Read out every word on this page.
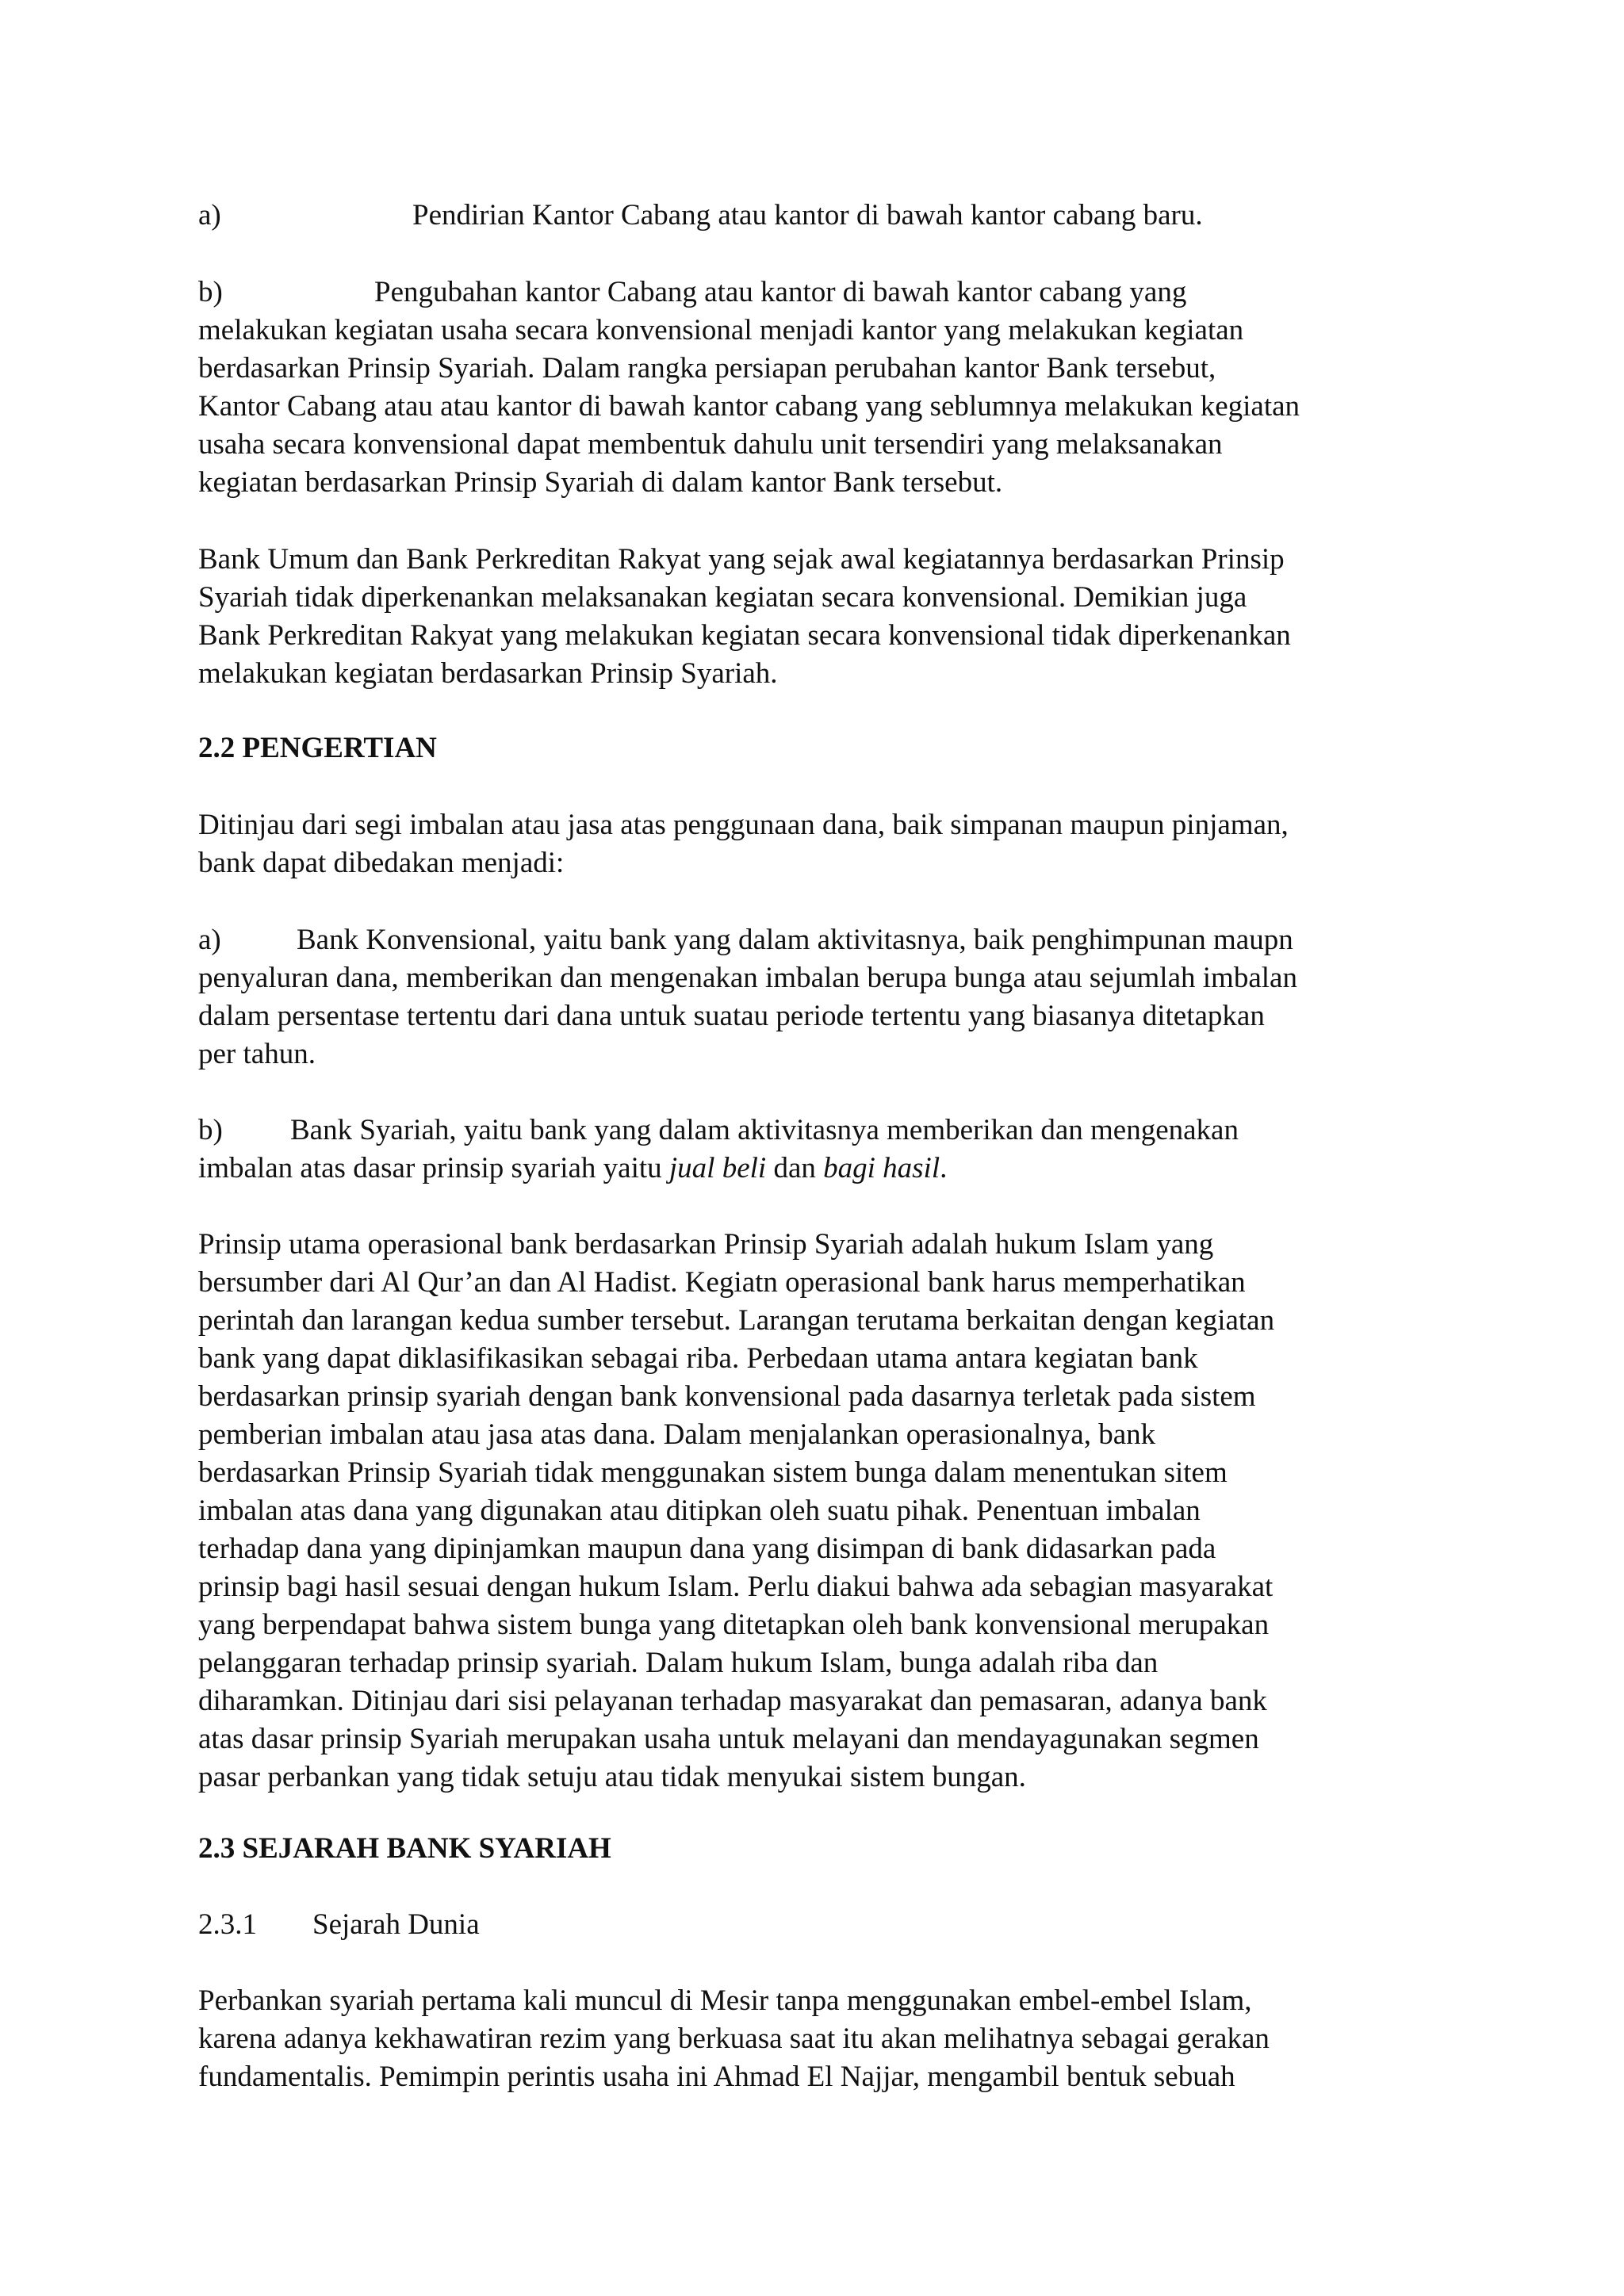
a)	Pendirian Kantor Cabang atau kantor di bawah kantor cabang baru.
b)	Pengubahan kantor Cabang atau kantor di bawah kantor cabang yang
melakukan kegiatan usaha secara konvensional menjadi kantor yang melakukan kegiatan
berdasarkan Prinsip Syariah. Dalam rangka persiapan perubahan kantor Bank tersebut,
Kantor Cabang atau atau kantor di bawah kantor cabang yang seblumnya melakukan kegiatan
usaha secara konvensional dapat membentuk dahulu unit tersendiri yang melaksanakan
kegiatan berdasarkan Prinsip Syariah di dalam kantor Bank tersebut.
Bank Umum dan Bank Perkreditan Rakyat yang sejak awal kegiatannya berdasarkan Prinsip
Syariah tidak diperkenankan melaksanakan kegiatan secara konvensional. Demikian juga
Bank Perkreditan Rakyat yang melakukan kegiatan secara konvensional tidak diperkenankan
melakukan kegiatan berdasarkan Prinsip Syariah.
2.2 PENGERTIAN
Ditinjau dari segi imbalan atau jasa atas penggunaan dana, baik simpanan maupun pinjaman,
bank dapat dibedakan menjadi:
a)	Bank Konvensional, yaitu bank yang dalam aktivitasnya, baik penghimpunan maupn
penyaluran dana, memberikan dan mengenakan imbalan berupa bunga atau sejumlah imbalan
dalam persentase tertentu dari dana untuk suatau periode tertentu yang biasanya ditetapkan
per tahun.
b) Bank Syariah, yaitu bank yang dalam aktivitasnya memberikan dan mengenakan
imbalan atas dasar prinsip syariah yaitu jual beli dan bagi hasil.
Prinsip utama operasional bank berdasarkan Prinsip Syariah adalah hukum Islam yang
bersumber dari Al Qur’an dan Al Hadist. Kegiatn operasional bank harus memperhatikan
perintah dan larangan kedua sumber tersebut. Larangan terutama berkaitan dengan kegiatan
bank yang dapat diklasifikasikan sebagai riba. Perbedaan utama antara kegiatan bank
berdasarkan prinsip syariah dengan bank konvensional pada dasarnya terletak pada sistem
pemberian imbalan atau jasa atas dana. Dalam menjalankan operasionalnya, bank
berdasarkan Prinsip Syariah tidak menggunakan sistem bunga dalam menentukan sitem
imbalan atas dana yang digunakan atau ditipkan oleh suatu pihak. Penentuan imbalan
terhadap dana yang dipinjamkan maupun dana yang disimpan di bank didasarkan pada
prinsip bagi hasil sesuai dengan hukum Islam. Perlu diakui bahwa ada sebagian masyarakat
yang berpendapat bahwa sistem bunga yang ditetapkan oleh bank konvensional merupakan
pelanggaran terhadap prinsip syariah. Dalam hukum Islam, bunga adalah riba dan
diharamkan. Ditinjau dari sisi pelayanan terhadap masyarakat dan pemasaran, adanya bank
atas dasar prinsip Syariah merupakan usaha untuk melayani dan mendayagunakan segmen
pasar perbankan yang tidak setuju atau tidak menyukai sistem bungan.
2.3 SEJARAH BANK SYARIAH
2.3.1 Sejarah Dunia
Perbankan syariah pertama kali muncul di Mesir tanpa menggunakan embel-embel Islam,
karena adanya kekhawatiran rezim yang berkuasa saat itu akan melihatnya sebagai gerakan
fundamentalis. Pemimpin perintis usaha ini Ahmad El Najjar, mengambil bentuk sebuah
